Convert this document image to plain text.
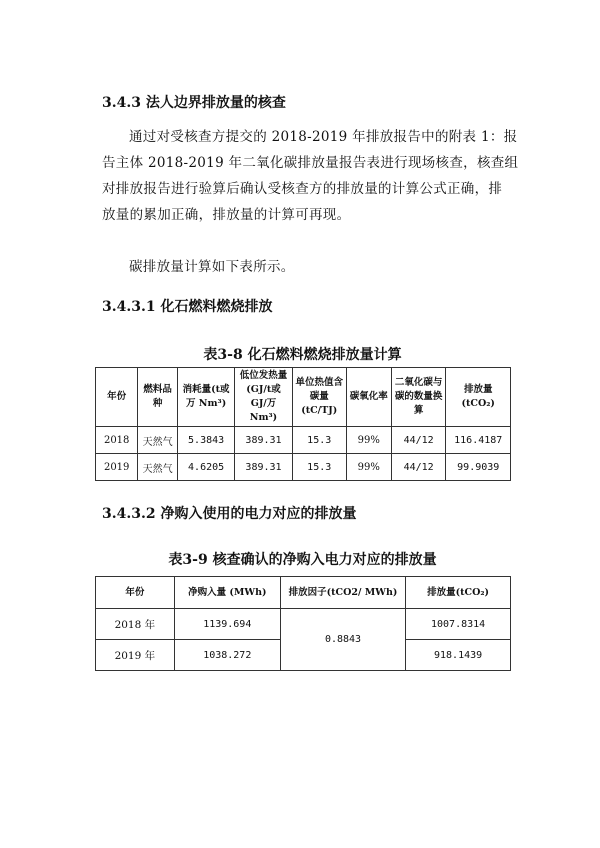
3.4.3 法人边界排放量的核查
通过对受核查方提交的 2018-2019 年排放报告中的附表 1：报
告主体 2018-2019 年二氧化碳排放量报告表进行现场核查，核查组
对排放报告进行验算后确认受核查方的排放量的计算公式正确，排
放量的累加正确，排放量的计算可再现。
碳排放量计算如下表所示。
3.4.3.1 化石燃料燃烧排放
表3-8 化石燃料燃烧排放量计算
年份	燃料品种	消耗量(t或万 Nm³)	低位发热量(GJ/t或 GJ/万Nm³)	单位热值含碳量(tC/TJ)	碳氧化率	二氧化碳与碳的数量换算	排放量(tCO₂)
2018	天然气	5.3843	389.31	15.3	99%	44/12	116.4187
2019	天然气	4.6205	389.31	15.3	99%	44/12	99.9039
3.4.3.2 净购入使用的电力对应的排放量
表3-9 核查确认的净购入电力对应的排放量
年份	净购入量 (MWh)	排放因子(tCO2/ MWh)	排放量(tCO₂)
2018 年	1139.694	0.8843	1007.8314
2019 年	1038.272		918.1439
